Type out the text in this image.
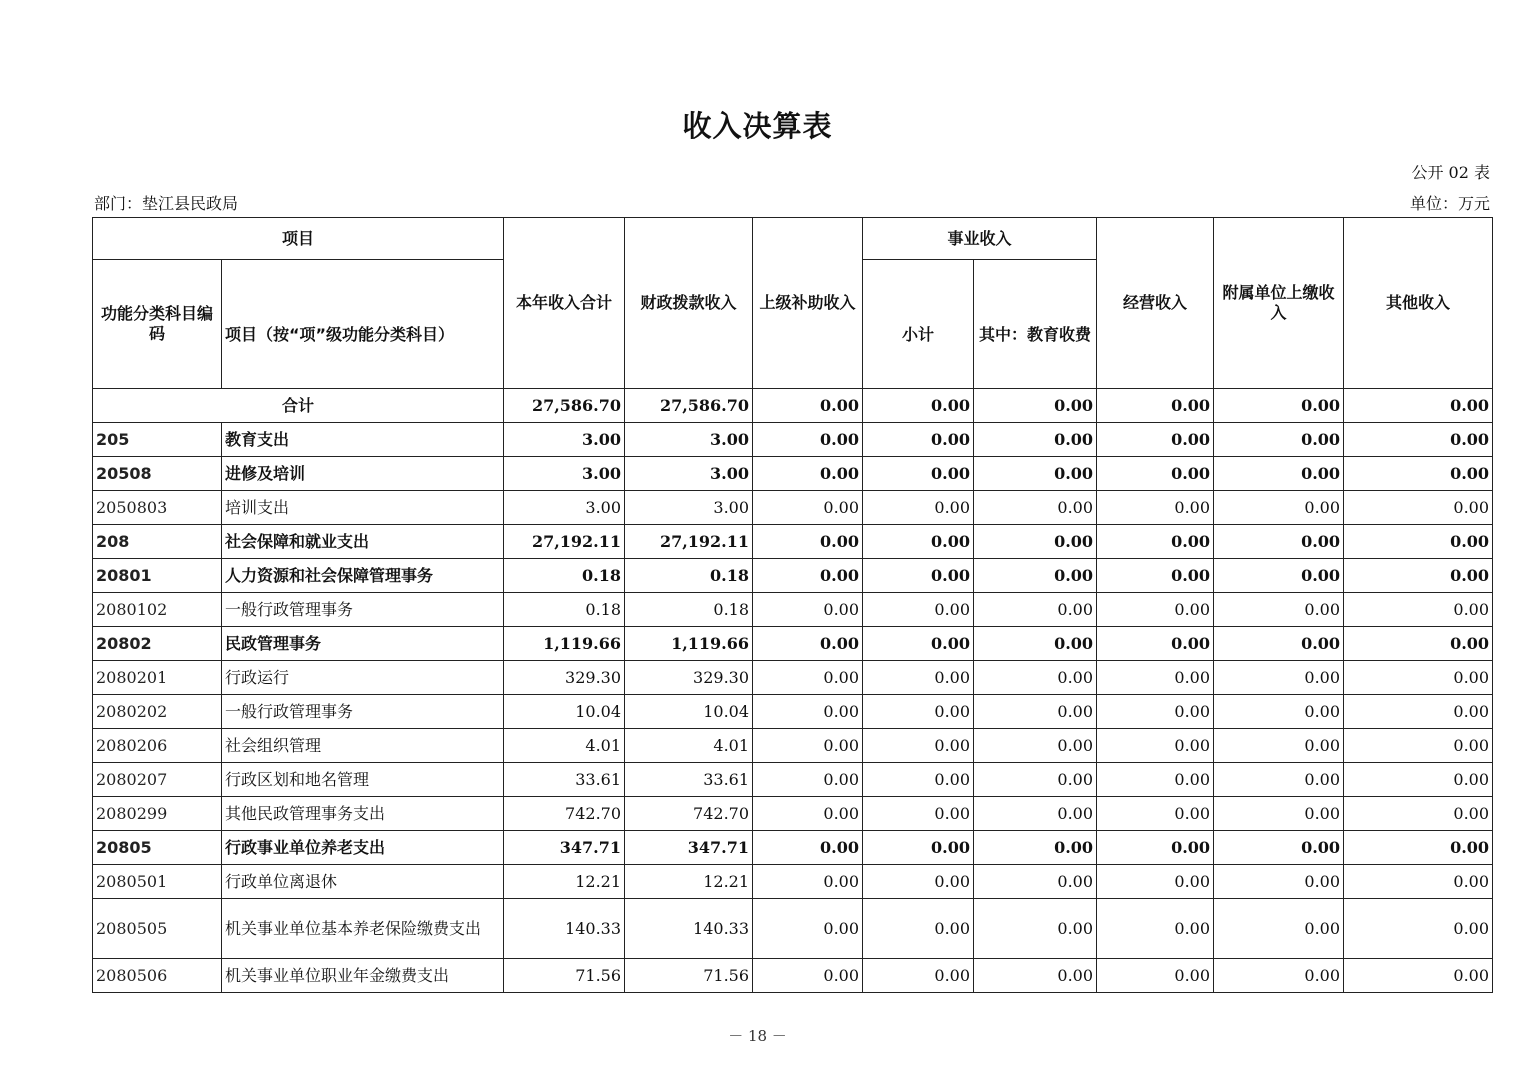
收入决算表
公开 02 表
部门：垫江县民政局	单位：万元
项目		本年收入合计	财政拨款收入	上级补助收入	事业收入		经营收入	附属单位上缴收入	其他收入
功能分类科目编码	项目（按“项”级功能分类科目）				小计	其中：教育收费			
合计		27,586.70	27,586.70	0.00	0.00	0.00	0.00	0.00	0.00
205	教育支出	3.00	3.00	0.00	0.00	0.00	0.00	0.00	0.00
20508	进修及培训	3.00	3.00	0.00	0.00	0.00	0.00	0.00	0.00
2050803	培训支出	3.00	3.00	0.00	0.00	0.00	0.00	0.00	0.00
208	社会保障和就业支出	27,192.11	27,192.11	0.00	0.00	0.00	0.00	0.00	0.00
20801	人力资源和社会保障管理事务	0.18	0.18	0.00	0.00	0.00	0.00	0.00	0.00
2080102	一般行政管理事务	0.18	0.18	0.00	0.00	0.00	0.00	0.00	0.00
20802	民政管理事务	1,119.66	1,119.66	0.00	0.00	0.00	0.00	0.00	0.00
2080201	行政运行	329.30	329.30	0.00	0.00	0.00	0.00	0.00	0.00
2080202	一般行政管理事务	10.04	10.04	0.00	0.00	0.00	0.00	0.00	0.00
2080206	社会组织管理	4.01	4.01	0.00	0.00	0.00	0.00	0.00	0.00
2080207	行政区划和地名管理	33.61	33.61	0.00	0.00	0.00	0.00	0.00	0.00
2080299	其他民政管理事务支出	742.70	742.70	0.00	0.00	0.00	0.00	0.00	0.00
20805	行政事业单位养老支出	347.71	347.71	0.00	0.00	0.00	0.00	0.00	0.00
2080501	行政单位离退休	12.21	12.21	0.00	0.00	0.00	0.00	0.00	0.00
2080505	机关事业单位基本养老保险缴费支出	140.33	140.33	0.00	0.00	0.00	0.00	0.00	0.00
2080506	机关事业单位职业年金缴费支出	71.56	71.56	0.00	0.00	0.00	0.00	0.00	0.00
－ 18 －
